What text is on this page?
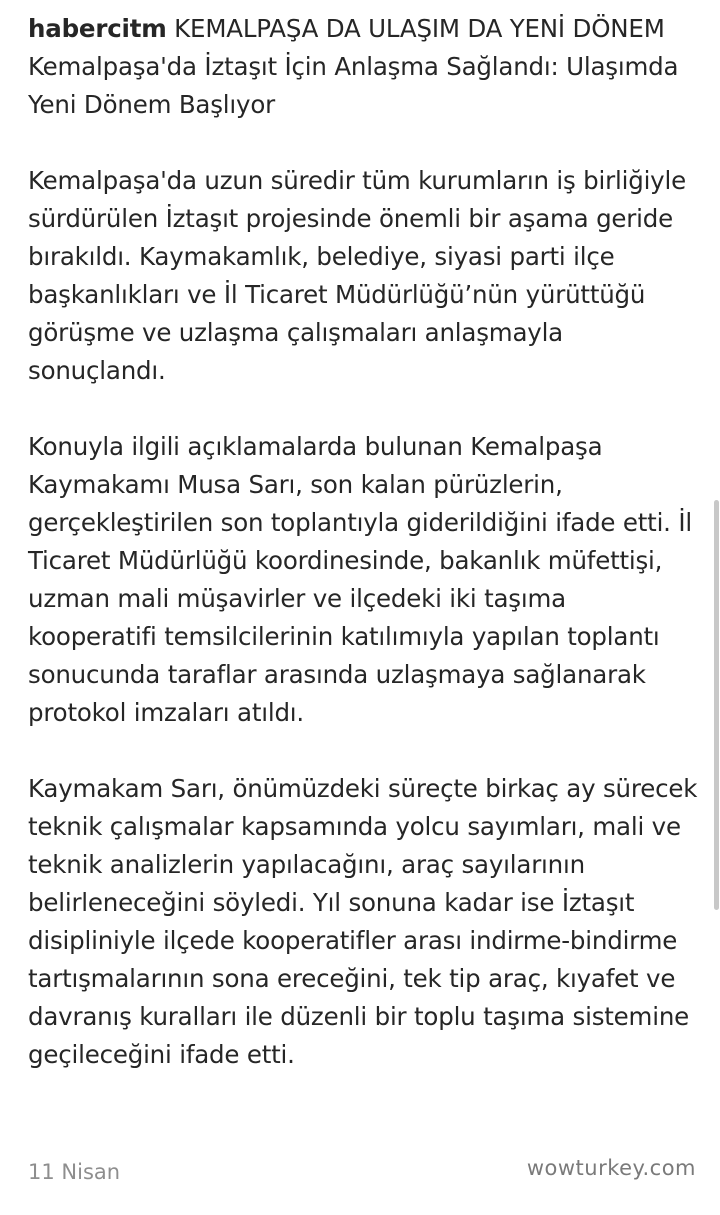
habercitm KEMALPAŞA DA ULAŞIM DA YENİ DÖNEM

Kemalpaşa'da İztaşıt İçin Anlaşma Sağlandı: Ulaşımda Yeni Dönem Başlıyor

Kemalpaşa'da uzun süredir tüm kurumların iş birliğiyle sürdürülen İztaşıt projesinde önemli bir aşama geride bırakıldı. Kaymakamlık, belediye, siyasi parti ilçe başkanlıkları ve İl Ticaret Müdürlüğü’nün yürüttüğü görüşme ve uzlaşma çalışmaları anlaşmayla sonuçlandı.

Konuyla ilgili açıklamalarda bulunan Kemalpaşa Kaymakamı Musa Sarı, son kalan pürüzlerin, gerçekleştirilen son toplantıyla giderildiğini ifade etti. İl Ticaret Müdürlüğü koordinesinde, bakanlık müfettişi, uzman mali müşavirler ve ilçedeki iki taşıma kooperatifi temsilcilerinin katılımıyla yapılan toplantı sonucunda taraflar arasında uzlaşmaya sağlanarak protokol imzaları atıldı.

Kaymakam Sarı, önümüzdeki süreçte birkaç ay sürecek teknik çalışmalar kapsamında yolcu sayımları, mali ve teknik analizlerin yapılacağını, araç sayılarının belirleneceğini söyledi. Yıl sonuna kadar ise İztaşıt disipliniyle ilçede kooperatifler arası indirme-bindirme tartışmalarının sona ereceğini, tek tip araç, kıyafet ve davranış kuralları ile düzenli bir toplu taşıma sistemine geçileceğini ifade etti.

11 Nisan	wowturkey.com
